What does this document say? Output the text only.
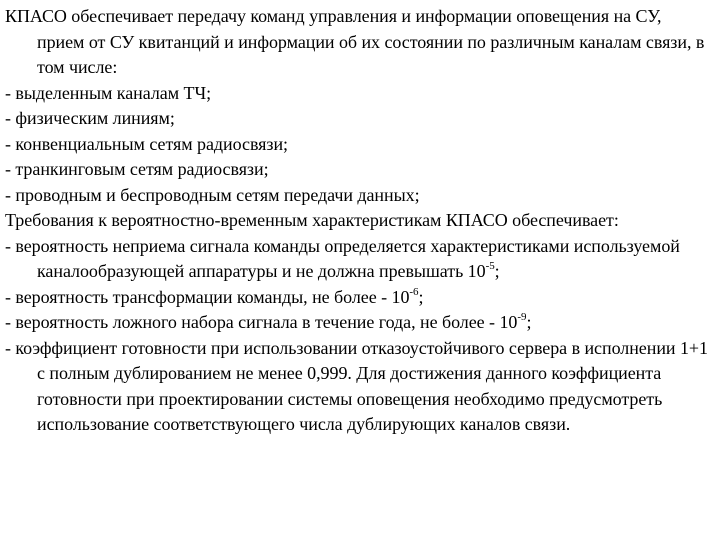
КПАСО обеспечивает передачу команд управления и информации оповещения на СУ, прием от СУ квитанций и информации об их состоянии по различным каналам связи, в том числе:

- выделенным каналам ТЧ;

- физическим линиям;

- конвенциальным сетям радиосвязи;

- транкинговым сетям радиосвязи;

- проводным и беспроводным сетям передачи данных;

Требования к вероятностно-временным характеристикам КПАСО обеспечивает:

- вероятность неприема сигнала команды определяется характеристиками используемой каналообразующей аппаратуры и не должна превышать $10^{-5}$;

- вероятность трансформации команды, не более - $10^{-6}$;

- вероятность ложного набора сигнала в течение года, не более - $10^{-9}$;

- коэффициент готовности при использовании отказоустойчивого сервера в исполнении 1+1 с полным дублированием не менее 0,999. Для достижения данного коэффициента готовности при проектировании системы оповещения необходимо предусмотреть использование соответствующего числа дублирующих каналов связи.
